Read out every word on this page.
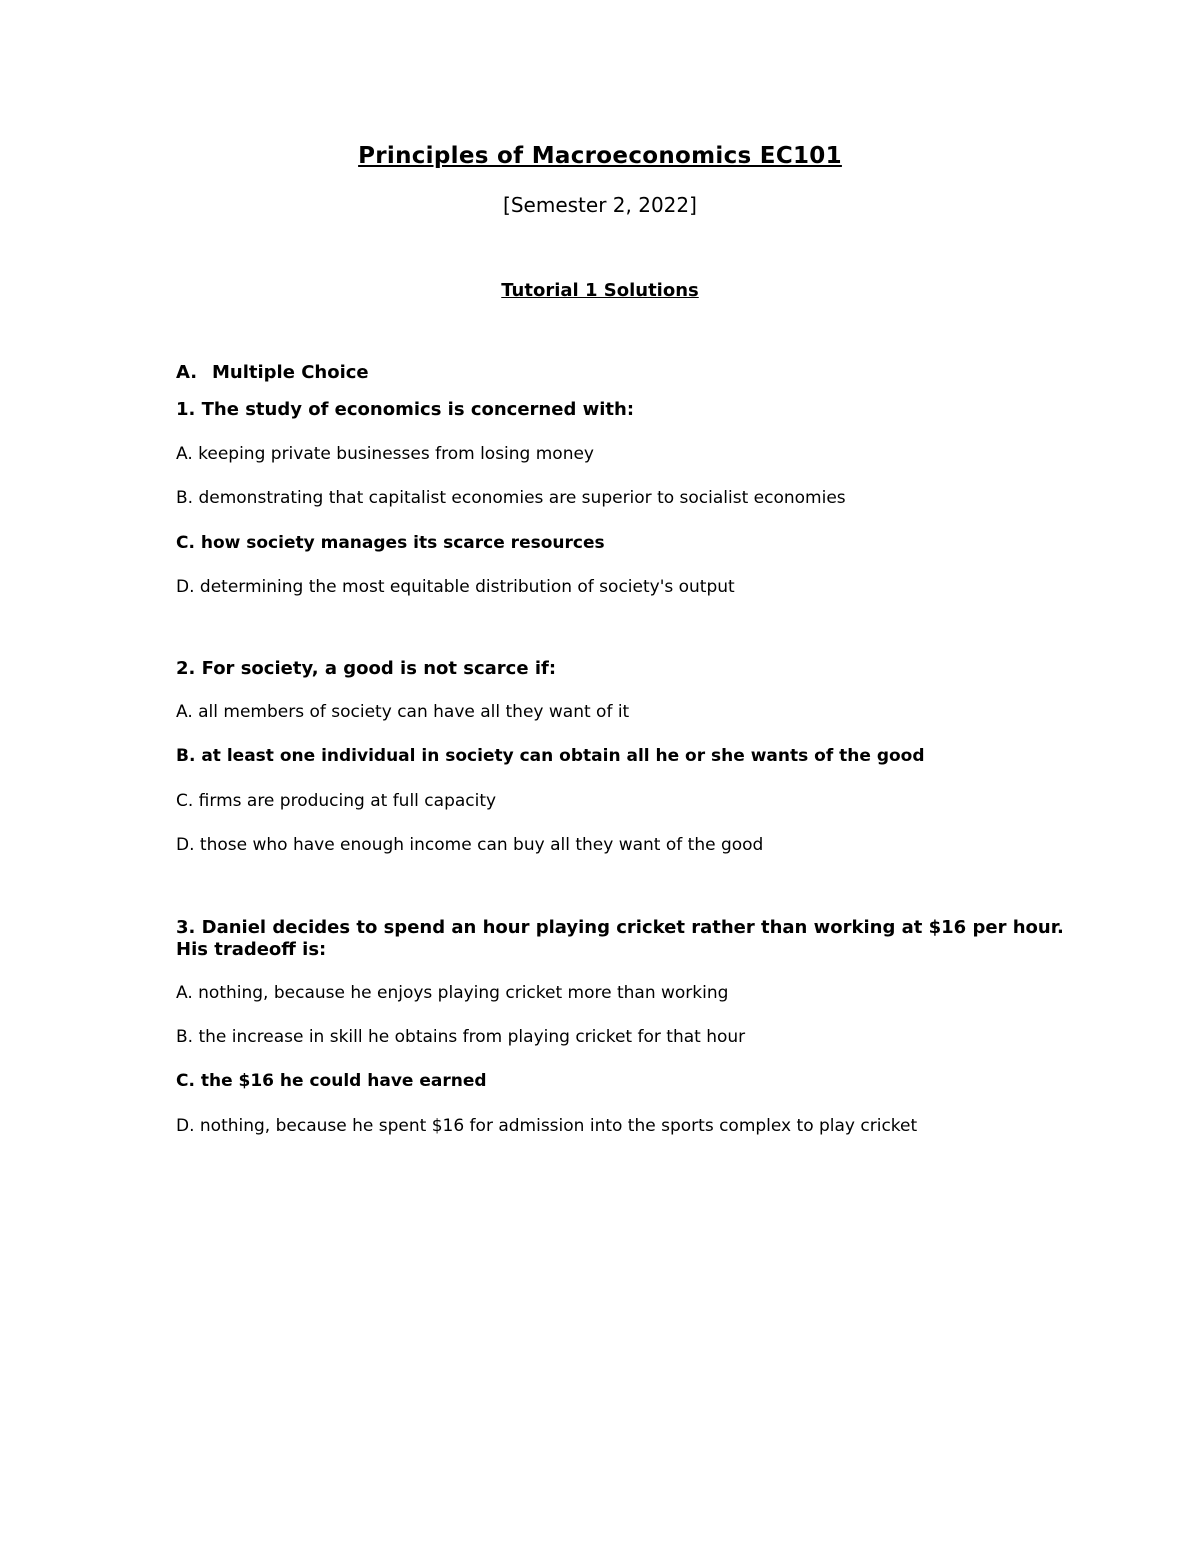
Principles of Macroeconomics EC101
[Semester 2, 2022]
Tutorial 1 Solutions
A. Multiple Choice
1. The study of economics is concerned with:
A. keeping private businesses from losing money
B. demonstrating that capitalist economies are superior to socialist economies
C. how society manages its scarce resources
D. determining the most equitable distribution of society's output
2. For society, a good is not scarce if:
A. all members of society can have all they want of it
B. at least one individual in society can obtain all he or she wants of the good
C. firms are producing at full capacity
D. those who have enough income can buy all they want of the good
3. Daniel decides to spend an hour playing cricket rather than working at $16 per hour. His tradeoff is:
A. nothing, because he enjoys playing cricket more than working
B. the increase in skill he obtains from playing cricket for that hour
C. the $16 he could have earned
D. nothing, because he spent $16 for admission into the sports complex to play cricket
